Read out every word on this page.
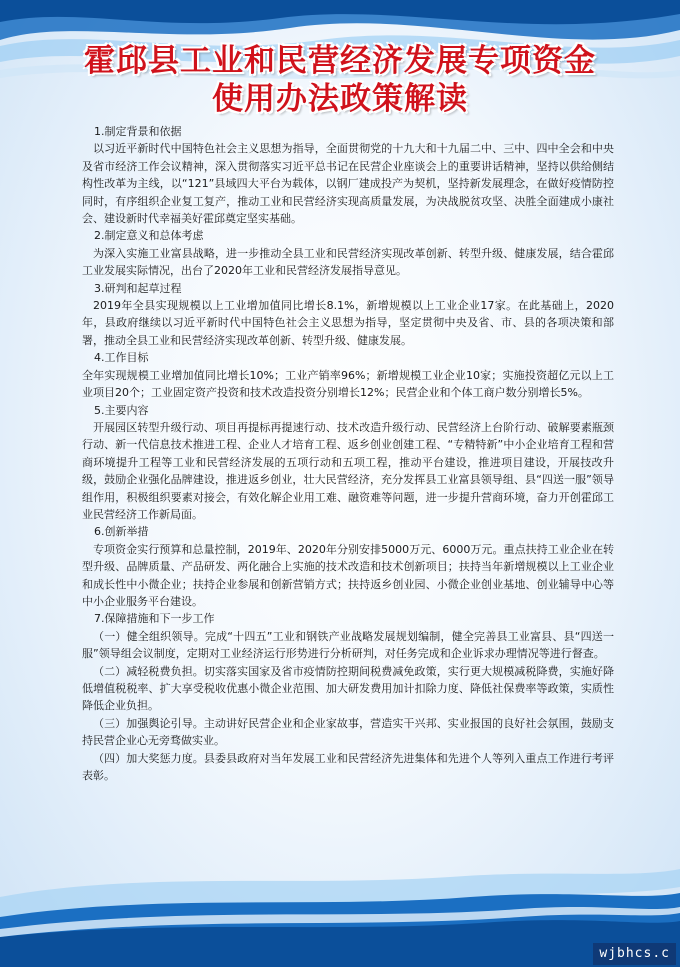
霍邱县工业和民营经济发展专项资金
使用办法政策解读

1.制定背景和依据

以习近平新时代中国特色社会主义思想为指导，全面贯彻党的十九大和十九届二中、三中、四中全会和中央及省市经济工作会议精神，深入贯彻落实习近平总书记在民营企业座谈会上的重要讲话精神，坚持以供给侧结构性改革为主线，以“121”县域四大平台为载体，以钢厂建成投产为契机，坚持新发展理念，在做好疫情防控同时，有序组织企业复工复产，推动工业和民营经济实现高质量发展，为决战脱贫攻坚、决胜全面建成小康社会、建设新时代幸福美好霍邱奠定坚实基础。

2.制定意义和总体考虑

为深入实施工业富县战略，进一步推动全县工业和民营经济实现改革创新、转型升级、健康发展，结合霍邱工业发展实际情况，出台了2020年工业和民营经济发展指导意见。

3.研判和起草过程

2019年全县实现规模以上工业增加值同比增长8.1%，新增规模以上工业企业17家。在此基础上，2020年，县政府继续以习近平新时代中国特色社会主义思想为指导，坚定贯彻中央及省、市、县的各项决策和部署，推动全县工业和民营经济实现改革创新、转型升级、健康发展。

4.工作目标

全年实现规模工业增加值同比增长10%；工业产销率96%；新增规模工业企业10家；实施投资超亿元以上工业项目20个；工业固定资产投资和技术改造投资分别增长12%；民营企业和个体工商户数分别增长5%。

5.主要内容

开展园区转型升级行动、项目再提标再提速行动、技术改造升级行动、民营经济上台阶行动、破解要素瓶颈行动、新一代信息技术推进工程、企业人才培育工程、返乡创业创建工程、“专精特新”中小企业培育工程和营商环境提升工程等工业和民营经济发展的五项行动和五项工程，推动平台建设，推进项目建设，开展技改升级，鼓励企业强化品牌建设，推进返乡创业，壮大民营经济，充分发挥县工业富县领导组、县“四送一服”领导组作用，积极组织要素对接会，有效化解企业用工难、融资难等问题，进一步提升营商环境，奋力开创霍邱工业民营经济工作新局面。

6.创新举措

专项资金实行预算和总量控制，2019年、2020年分别安排5000万元、6000万元。重点扶持工业企业在转型升级、品牌质量、产品研发、两化融合上实施的技术改造和技术创新项目；扶持当年新增规模以上工业企业和成长性中小微企业；扶持企业参展和创新营销方式；扶持返乡创业园、小微企业创业基地、创业辅导中心等中小企业服务平台建设。

7.保障措施和下一步工作

（一）健全组织领导。完成“十四五”工业和钢铁产业战略发展规划编制，健全完善县工业富县、县“四送一服”领导组会议制度，定期对工业经济运行形势进行分析研判，对任务完成和企业诉求办理情况等进行督查。

（二）减轻税费负担。切实落实国家及省市疫情防控期间税费减免政策，实行更大规模减税降费，实施好降低增值税税率、扩大享受税收优惠小微企业范围、加大研发费用加计扣除力度、降低社保费率等政策，实质性降低企业负担。

（三）加强舆论引导。主动讲好民营企业和企业家故事，营造实干兴邦、实业报国的良好社会氛围，鼓励支持民营企业心无旁骛做实业。

（四）加大奖惩力度。县委县政府对当年发展工业和民营经济先进集体和先进个人等列入重点工作进行考评表彰。

wjbhcs.c
